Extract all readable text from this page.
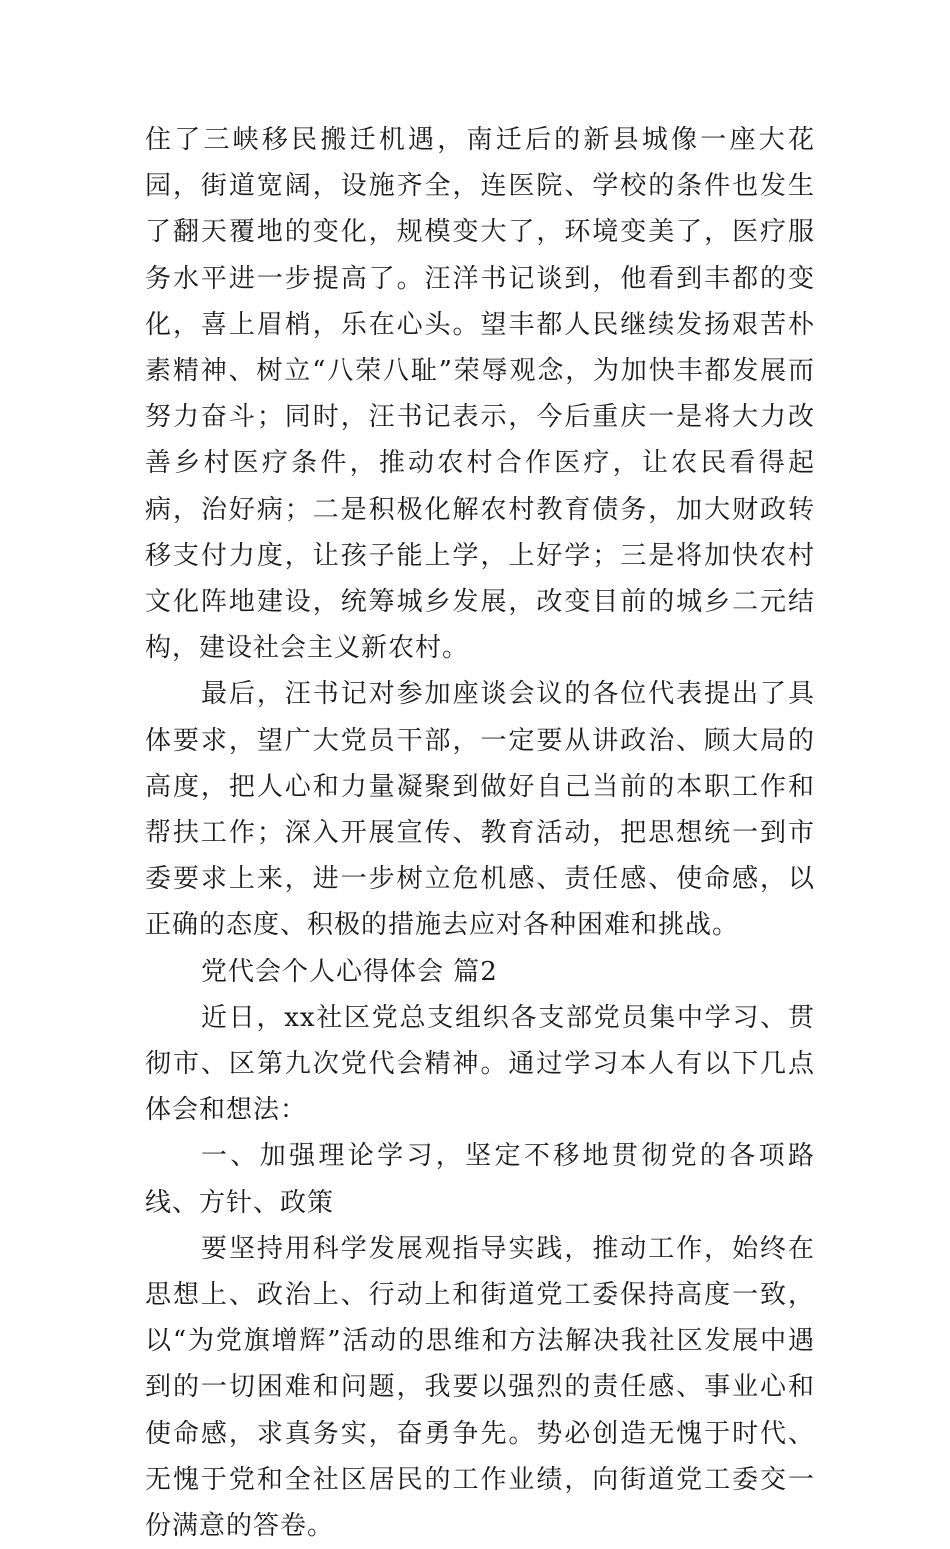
住了三峡移民搬迁机遇，南迁后的新县城像一座大花园，街道宽阔，设施齐全，连医院、学校的条件也发生了翻天覆地的变化，规模变大了，环境变美了，医疗服务水平进一步提高了。汪洋书记谈到，他看到丰都的变化，喜上眉梢，乐在心头。望丰都人民继续发扬艰苦朴素精神、树立“八荣八耻”荣辱观念，为加快丰都发展而努力奋斗；同时，汪书记表示，今后重庆一是将大力改善乡村医疗条件，推动农村合作医疗，让农民看得起病，治好病；二是积极化解农村教育债务，加大财政转移支付力度，让孩子能上学，上好学；三是将加快农村文化阵地建设，统筹城乡发展，改变目前的城乡二元结构，建设社会主义新农村。

最后，汪书记对参加座谈会议的各位代表提出了具体要求，望广大党员干部，一定要从讲政治、顾大局的高度，把人心和力量凝聚到做好自己当前的本职工作和帮扶工作；深入开展宣传、教育活动，把思想统一到市委要求上来，进一步树立危机感、责任感、使命感，以正确的态度、积极的措施去应对各种困难和挑战。

党代会个人心得体会 篇2

近日，xx社区党总支组织各支部党员集中学习、贯彻市、区第九次党代会精神。通过学习本人有以下几点体会和想法：

一、加强理论学习，坚定不移地贯彻党的各项路线、方针、政策

要坚持用科学发展观指导实践，推动工作，始终在思想上、政治上、行动上和街道党工委保持高度一致，以“为党旗增辉”活动的思维和方法解决我社区发展中遇到的一切困难和问题，我要以强烈的责任感、事业心和使命感，求真务实，奋勇争先。势必创造无愧于时代、无愧于党和全社区居民的工作业绩，向街道党工委交一份满意的答卷。
